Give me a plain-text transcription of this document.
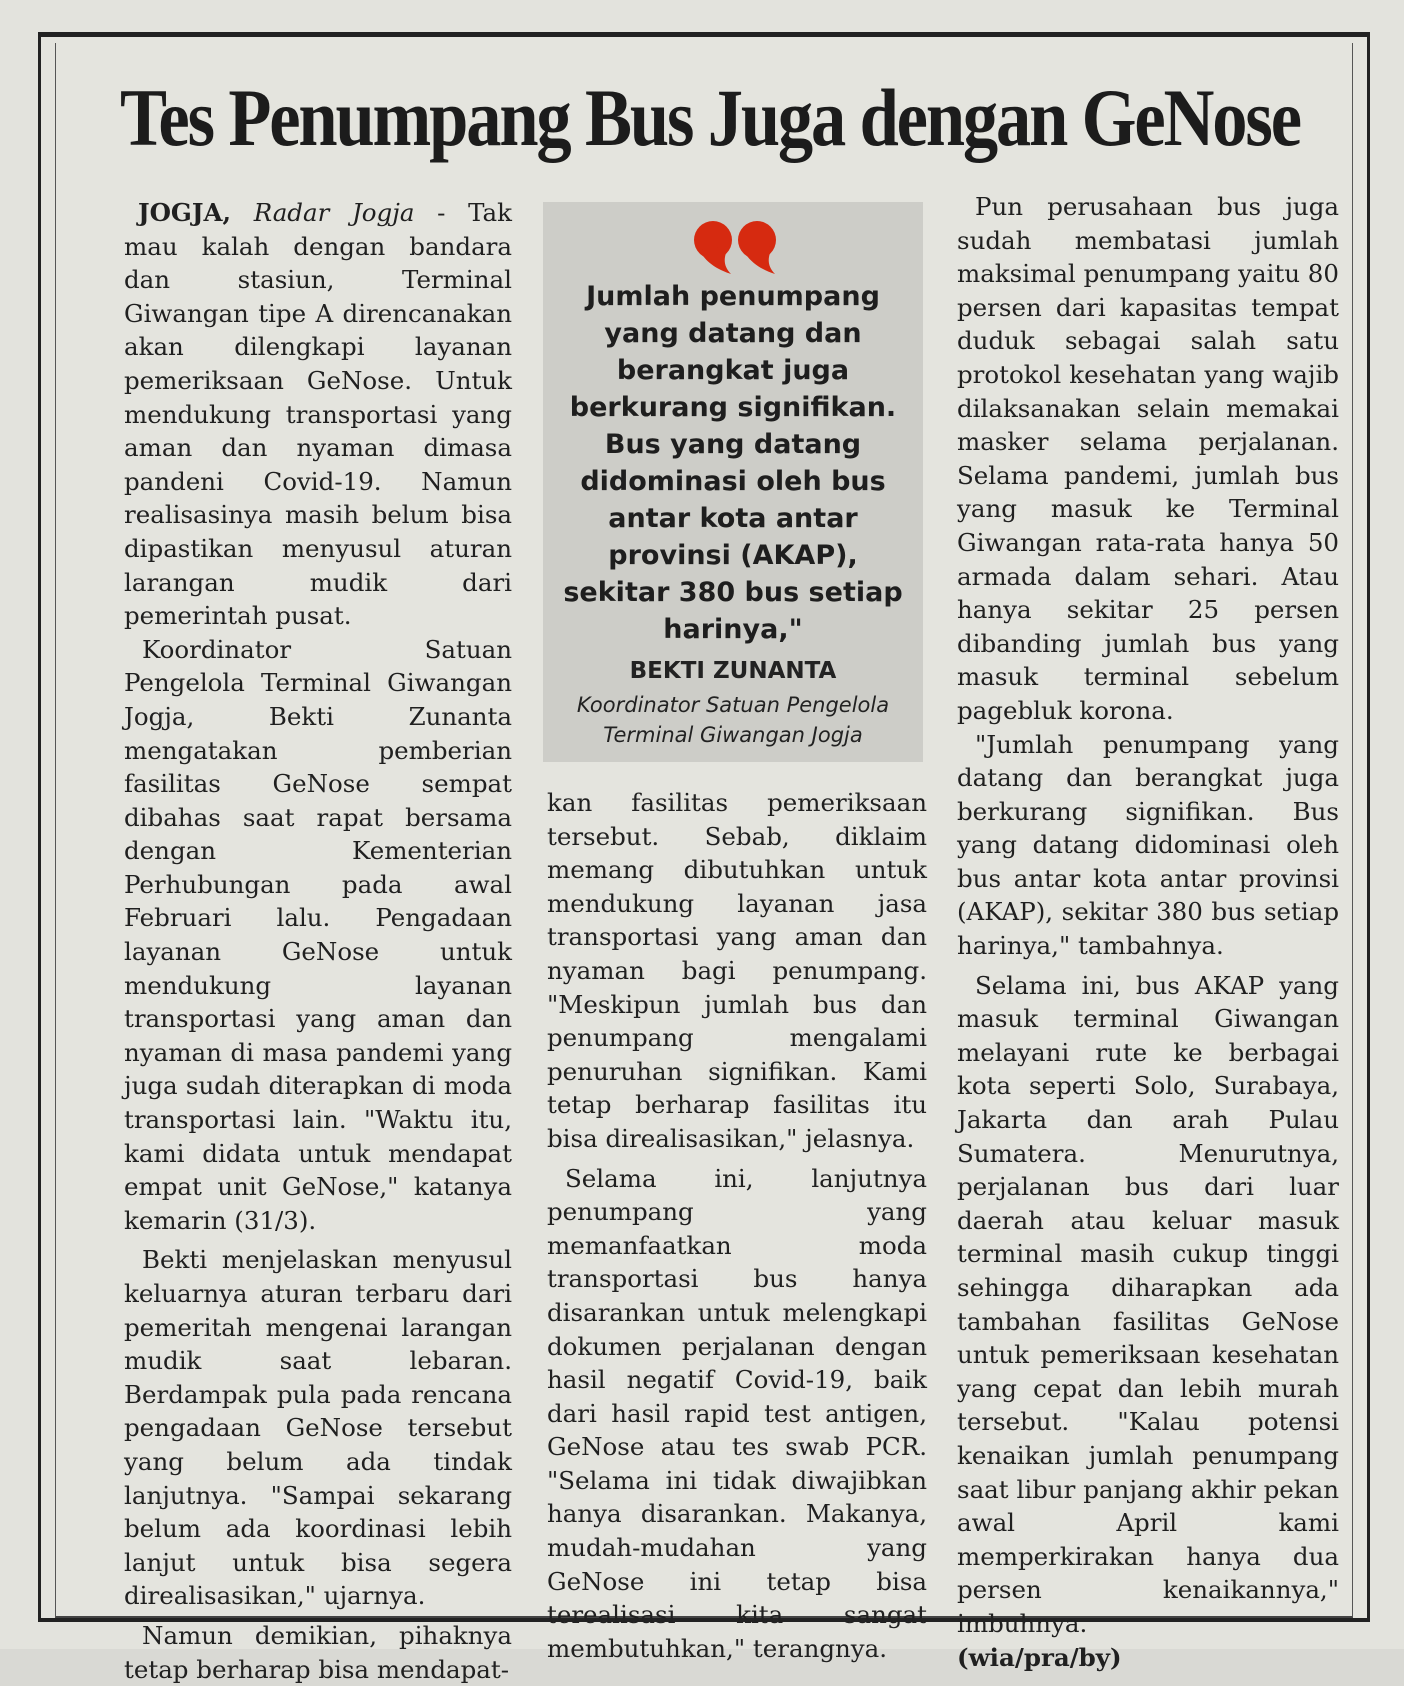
Tes Penumpang Bus Juga dengan GeNose

JOGJA, Radar Jogja - Tak mau kalah dengan bandara dan stasiun, Terminal Giwangan tipe A direncanakan akan dilengkapi layanan pemeriksaan GeNose. Untuk mendukung transportasi yang aman dan nyaman dimasa pandeni Covid-19. Namun realisasinya masih belum bisa dipastikan menyusul aturan larangan mudik dari pemerintah pusat.

Koordinator Satuan Pengelola Terminal Giwangan Jogja, Bekti Zunanta mengatakan pemberian fasilitas GeNose sempat dibahas saat rapat bersama dengan Kementerian Perhubungan pada awal Februari lalu. Pengadaan layanan GeNose untuk mendukung layanan transportasi yang aman dan nyaman di masa pandemi yang juga sudah diterapkan di moda transportasi lain. "Waktu itu, kami didata untuk mendapat empat unit GeNose," katanya kemarin (31/3).

Bekti menjelaskan menyusul keluarnya aturan terbaru dari pemeritah mengenai larangan mudik saat lebaran. Berdampak pula pada rencana pengadaan GeNose tersebut yang belum ada tindak lanjutnya. "Sampai sekarang belum ada koordinasi lebih lanjut untuk bisa segera direalisasikan," ujarnya.

Namun demikian, pihaknya tetap berharap bisa mendapat-

Jumlah penumpang yang datang dan berangkat juga berkurang signifikan. Bus yang datang didominasi oleh bus antar kota antar provinsi (AKAP), sekitar 380 bus setiap harinya,"
BEKTI ZUNANTA
Koordinator Satuan Pengelola
Terminal Giwangan Jogja

kan fasilitas pemeriksaan tersebut. Sebab, diklaim memang dibutuhkan untuk mendukung layanan jasa transportasi yang aman dan nyaman bagi penumpang. "Meskipun jumlah bus dan penumpang mengalami penuruhan signifikan. Kami tetap berharap fasilitas itu bisa direalisasikan," jelasnya.

Selama ini, lanjutnya penumpang yang memanfaatkan moda transportasi bus hanya disarankan untuk melengkapi dokumen perjalanan dengan hasil negatif Covid-19, baik dari hasil rapid test antigen, GeNose atau tes swab PCR. "Selama ini tidak diwajibkan hanya disarankan. Makanya, mudah-mudahan yang GeNose ini tetap bisa terealisasi kita sangat membutuhkan," terangnya.

Pun perusahaan bus juga sudah membatasi jumlah maksimal penumpang yaitu 80 persen dari kapasitas tempat duduk sebagai salah satu protokol kesehatan yang wajib dilaksanakan selain memakai masker selama perjalanan. Selama pandemi, jumlah bus yang masuk ke Terminal Giwangan rata-rata hanya 50 armada dalam sehari. Atau hanya sekitar 25 persen dibanding jumlah bus yang masuk terminal sebelum pagebluk korona.

"Jumlah penumpang yang datang dan berangkat juga berkurang signifikan. Bus yang datang didominasi oleh bus antar kota antar provinsi (AKAP), sekitar 380 bus setiap harinya," tambahnya.

Selama ini, bus AKAP yang masuk terminal Giwangan melayani rute ke berbagai kota seperti Solo, Surabaya, Jakarta dan arah Pulau Sumatera. Menurutnya, perjalanan bus dari luar daerah atau keluar masuk terminal masih cukup tinggi sehingga diharapkan ada tambahan fasilitas GeNose untuk pemeriksaan kesehatan yang cepat dan lebih murah tersebut. "Kalau potensi kenaikan jumlah penumpang saat libur panjang akhir pekan awal April kami memperkirakan hanya dua persen kenaikannya," imbuhnya.

(wia/pra/by)
